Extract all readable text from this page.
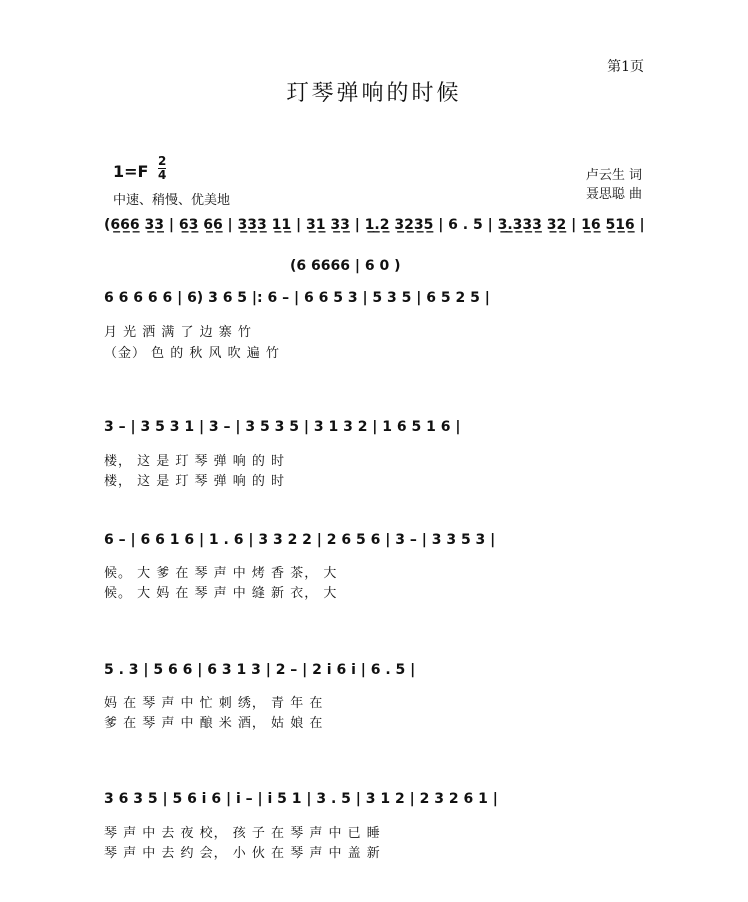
第1页
玎琴弹响的时候
1=F
2
4
中速、稍慢、优美地
卢云生 词
聂思聪 曲
(6̲6̲6̲ 3̲3̲ | 6̲3̲ 6̲6̲ | 3̲3̲3̲ 1̲1̲ | 3̲1̲ 3̲3̲ | 1̲.̲2̲ 3̲2̲3̲5̲ | 6 . 5 | 3̲.̲3̲3̲3̲ 3̲2̲ | 1̲6̲ 5̲1̲6̲ |
(6 6666 | 6 0 )
6 6 6 6 6 | 6) 3 6 5 |: 6 – | 6 6 5 3 | 5 3 5 | 6 5 2 5 |
月 光 洒 满 了 边 寨 竹
（金） 色 的 秋 风 吹 遍 竹
3 – | 3 5 3 1 | 3 – | 3 5 3 5 | 3 1 3 2 | 1 6 5 1 6 |
楼， 这 是 玎 琴 弹 响 的 时
楼， 这 是 玎 琴 弹 响 的 时
6 – | 6 6 1 6 | 1 . 6 | 3 3 2 2 | 2 6 5 6 | 3 – | 3 3 5 3 |
候。 大 爹 在 琴 声 中 烤 香 茶， 大
候。 大 妈 在 琴 声 中 缝 新 衣， 大
5 . 3 | 5 6 6 | 6 3 1 3 | 2 – | 2 i 6 i | 6 . 5 |
妈 在 琴 声 中 忙 刺 绣， 青 年 在
爹 在 琴 声 中 酿 米 酒， 姑 娘 在
3 6 3 5 | 5 6 i 6 | i – | i 5 1 | 3 . 5 | 3 1 2 | 2 3 2 6 1 |
琴 声 中 去 夜 校， 孩 子 在 琴 声 中 已 睡
琴 声 中 去 约 会， 小 伙 在 琴 声 中 盖 新
